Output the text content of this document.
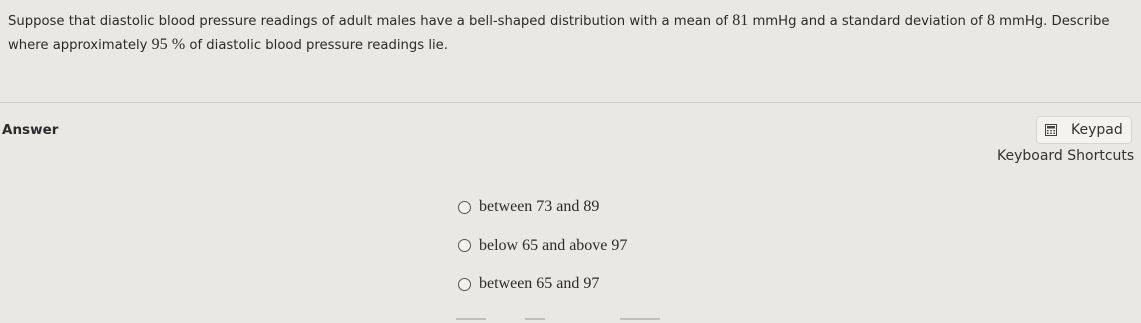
Suppose that diastolic blood pressure readings of adult males have a bell-shaped distribution with a mean of 81 mmHg and a standard deviation of 8 mmHg. Describe where approximately 95 % of diastolic blood pressure readings lie.
Answer	Keypad
Keyboard Shortcuts
between 73 and 89
below 65 and above 97
between 65 and 97
